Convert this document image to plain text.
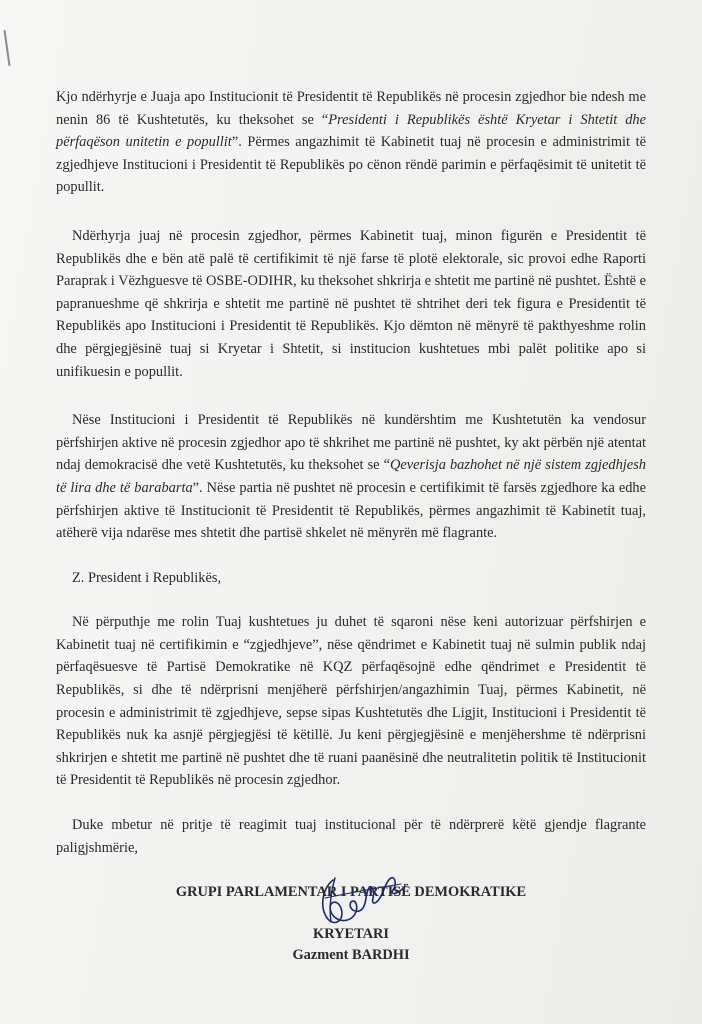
Kjo ndërhyrje e Juaja apo Institucionit të Presidentit të Republikës në procesin zgjedhor bie ndesh me nenin 86 të Kushtetutës, ku theksohet se “Presidenti i Republikës është Kryetar i Shtetit dhe përfaqëson unitetin e popullit”. Përmes angazhimit të Kabinetit tuaj në procesin e administrimit të zgjedhjeve Institucioni i Presidentit të Republikës po cënon rëndë parimin e përfaqësimit të unitetit të popullit.

Ndërhyrja juaj në procesin zgjedhor, përmes Kabinetit tuaj, minon figurën e Presidentit të Republikës dhe e bën atë palë të certifikimit të një farse të plotë elektorale, sic provoi edhe Raporti Paraprak i Vëzhguesve të OSBE-ODIHR, ku theksohet shkrirja e shtetit me partinë në pushtet. Është e papranueshme që shkrirja e shtetit me partinë në pushtet të shtrihet deri tek figura e Presidentit të Republikës apo Institucioni i Presidentit të Republikës. Kjo dëmton në mënyrë të pakthyeshme rolin dhe përgjegjësinë tuaj si Kryetar i Shtetit, si institucion kushtetues mbi palët politike apo si unifikuesin e popullit.

Nëse Institucioni i Presidentit të Republikës në kundërshtim me Kushtetutën ka vendosur përfshirjen aktive në procesin zgjedhor apo të shkrihet me partinë në pushtet, ky akt përbën një atentat ndaj demokracisë dhe vetë Kushtetutës, ku theksohet se “Qeverisja bazhohet në një sistem zgjedhjesh të lira dhe të barabarta”. Nëse partia në pushtet në procesin e certifikimit të farsës zgjedhore ka edhe përfshirjen aktive të Institucionit të Presidentit të Republikës, përmes angazhimit të Kabinetit tuaj, atëherë vija ndarëse mes shtetit dhe partisë shkelet në mënyrën më flagrante.

Z. President i Republikës,

Në përputhje me rolin Tuaj kushtetues ju duhet të sqaroni nëse keni autorizuar përfshirjen e Kabinetit tuaj në certifikimin e “zgjedhjeve”, nëse qëndrimet e Kabinetit tuaj në sulmin publik ndaj përfaqësuesve të Partisë Demokratike në KQZ përfaqësojnë edhe qëndrimet e Presidentit të Republikës, si dhe të ndërprisni menjëherë përfshirjen/angazhimin Tuaj, përmes Kabinetit, në procesin e administrimit të zgjedhjeve, sepse sipas Kushtetutës dhe Ligjit, Institucioni i Presidentit të Republikës nuk ka asnjë përgjegjësi të këtillë. Ju keni përgjegjësinë e menjëhershme të ndërprisni shkrirjen e shtetit me partinë në pushtet dhe të ruani paanësinë dhe neutralitetin politik të Institucionit të Presidentit të Republikës në procesin zgjedhor.

Duke mbetur në pritje të reagimit tuaj institucional për të ndërprerë këtë gjendje flagrante paligjshmërie,

GRUPI PARLAMENTAR I PARTISË DEMOKRATIKE
KRYETARI
Gazment BARDHI
